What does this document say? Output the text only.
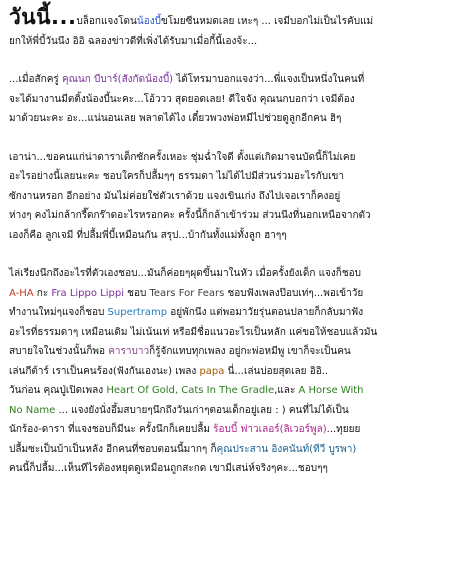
วันนี้...บล็อกแจงโดนน้องบี้ขโมยซีนหมดเลย เหะๆ ... เจมีบอกไม่เป็นไรคับแม่

ยกให้พี่บี้วันนึง อิอิ ฉลองข่าวดีที่เพิ่งได้รับมาเมื่อกี้นี้เองจ้ะ...

...เมื่อสักครู่ คุณนก บีบาร์(สังกัดน้องบี้) ได้โทรมาบอกแจงว่า...พี่แจงเป็นหนึ่งในคนที่

จะได้มางานมีตติ้งน้องบี้นะคะ...โอ้ววว สุดยอดเลย! ดีใจจัง คุณนกบอกว่า เจมีต้อง

มาด้วยนะคะ อะ...แน่นอนเลย พลาดได้ไง เดี๋ยวพวงพ่อหมีไปช่วยดูลูกอีกคน ฮิๆ

เอาน่า...ขอคนแก่น่าดาราเด็กซักครั้งเหอะ ชุ่มฉ่ำใจดี ตั้งแต่เกิดมาจนบัดนี้ก็ไม่เคย

อะไรอย่างนี้เลยนะคะ ชอบใครก็ปลื้มๆๆ ธรรมดา ไม่ได้ไปมีส่วนร่วมอะไรกับเขา

ซักงานหรอก อีกอย่าง มันไม่ค่อยใช่ตัวเราด้วย แจงเขินเก่ง ถึงไปเจอเราก็คงอยู่

ห่างๆ คงไม่กล้ากรี๊ดกร๊าดอะไรหรอกคะ ครั้งนี้ก็กล้าเข้าร่วม ส่วนนึงที่นอกเหนือจากตัว

เองก็คือ ลูกเจมี ที่ปลื้มพี่บี้เหมือนกัน สรุป...บ้ากันทั้งแม่ทั้งลูก ฮาๆๆ

ไล่เรียงนึกถึงอะไรที่ตัวเองชอบ...มันก็ค่อยๆผุดขึ้นมาในหัว เมื่อครั้งยังเด็ก แจงก็ชอบ

A-HA กะ Fra Lippo Lippi ชอบ Tears For Fears ชอบฟังเพลงป๊อบเท่ๆ...พอเข้าวัย

ทำงานใหม่ๆแจงก็ชอบ Supertramp อยู่พักนึง แต่พอมาวัยรุ่นตอนปลายก็กลับมาฟัง

อะไรที่ธรรมดาๆ เหมือนเดิม ไม่เน้นเท่ หรือมีชื่อแนวอะไรเป็นหลัก แค่ขอให้ชอบแล้วมัน

สบายใจในช่วงนั้นก็พอ คาราบาวก็รู้จักแทบทุกเพลง อยู่กะพ่อหมีพู เขาก็จะเป็นคน

เล่นกีต้าร์ เราเป็นคนร้อง(ฟังกันเองนะ) เพลง papa นี่...เล่นบ่อยสุดเลย อิอิ..

วันก่อน คุณปู่เปิดเพลง Heart Of Gold, Cats In The Gradle,และ A Horse With

No Name ... แจงยังนั่งอึ้มสบายๆนึกถึงวันเก่าๆตอนเด็กอยู่เลย : ) คนที่ไม่ได้เป็น

นักร้อง-ดารา ที่แจงชอบก็มีนะ ครั้งนึกก็เคยปลื้ม ร้อบบี้ ฟาวเลอร์(ลิเวอร์พูล)...ทุยยย

ปลื้มซะเป็นบ้าเป็นหลัง อีกคนที่ชอบตอนนี้มากๆ ก็คุณประสาน อิงคนันท์(ทีวี บูรพา)

คนนี้ก็ปลื้ม...เห็นทีไรต้องหยุดดูเหมือนถูกสะกด เขามีเสน่ห์จริงๆคะ...ชอบๆๆ
